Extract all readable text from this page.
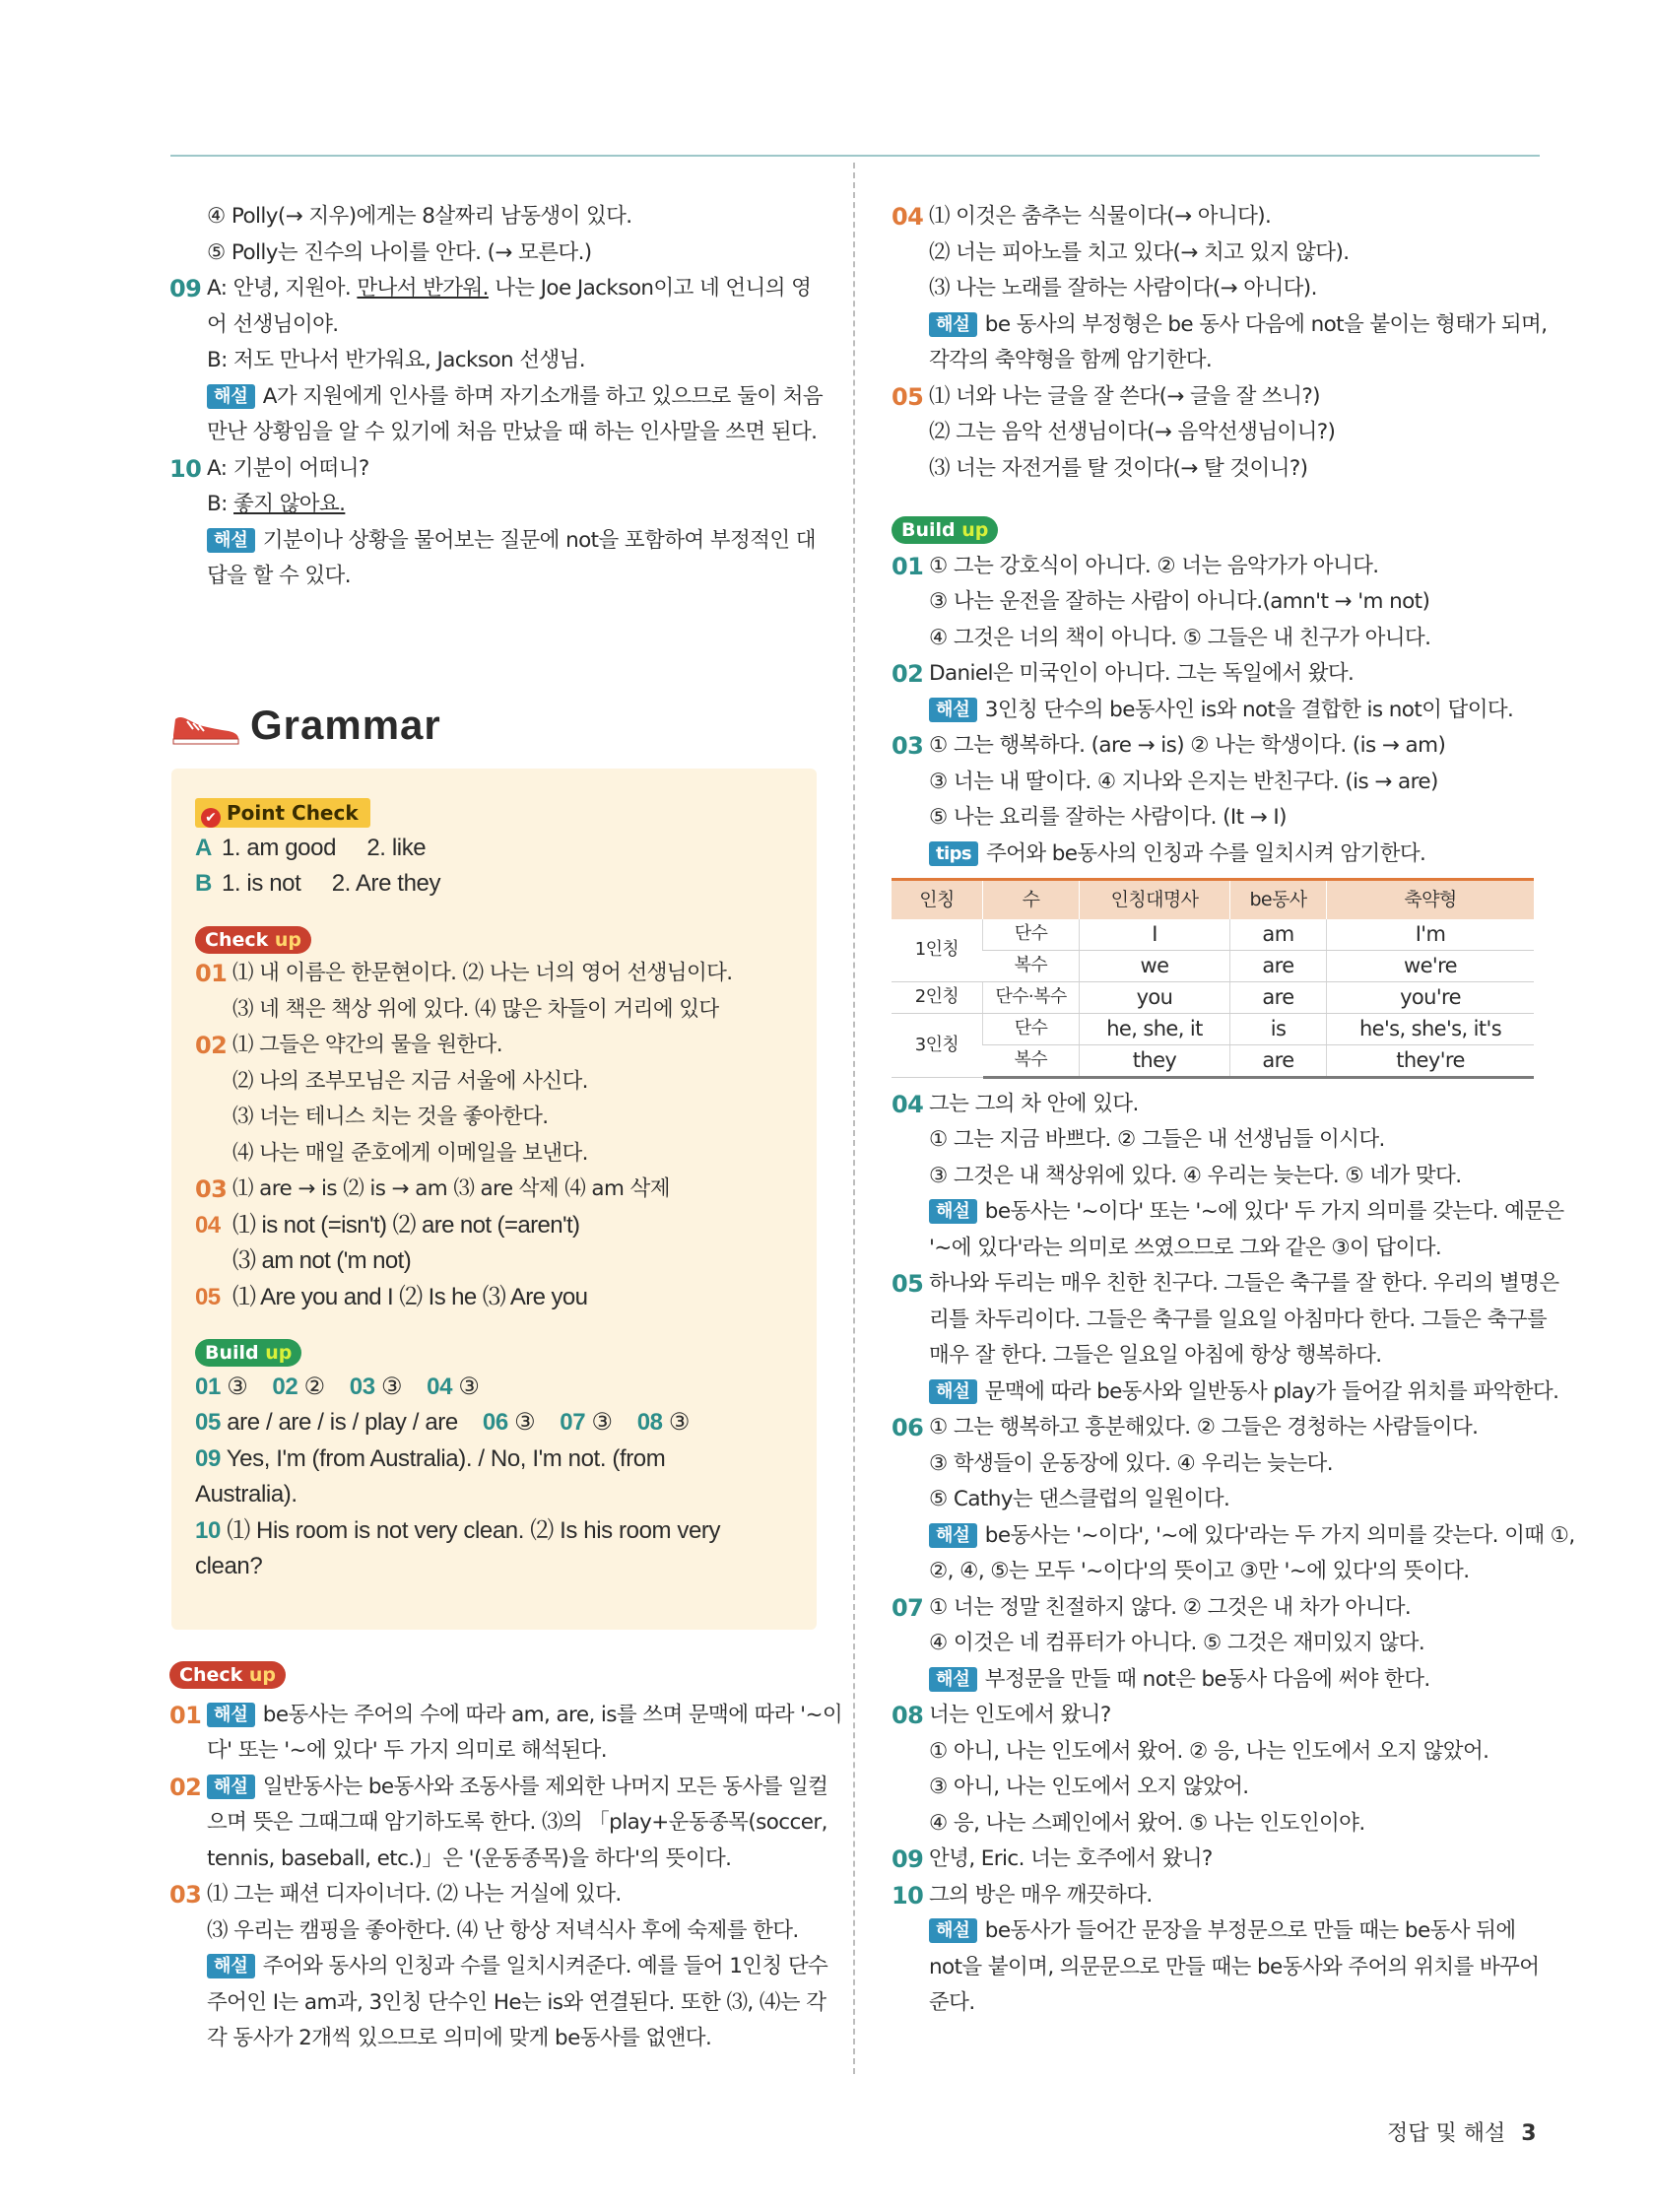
④ Polly(→ 지우)에게는 8살짜리 남동생이 있다.
⑤ Polly는 진수의 나이를 안다. (→ 모른다.)
09 A: 안녕, 지원아. 만나서 반가워. 나는 Joe Jackson이고 네 언니의 영
어 선생님이야.
B: 저도 만나서 반가워요, Jackson 선생님.
해설 A가 지원에게 인사를 하며 자기소개를 하고 있으므로 둘이 처음
만난 상황임을 알 수 있기에 처음 만났을 때 하는 인사말을 쓰면 된다.
10 A: 기분이 어떠니?
B: 좋지 않아요.
해설 기분이나 상황을 물어보는 질문에 not을 포함하여 부정적인 대
답을 할 수 있다.
Grammar
✔ Point Check
A 1. am good     2. like
B 1. is not     2. Are they
Check up
01 ⑴ 내 이름은 한문현이다. ⑵ 나는 너의 영어 선생님이다.
⑶ 네 책은 책상 위에 있다. ⑷ 많은 차들이 거리에 있다
02 ⑴ 그들은 약간의 물을 원한다.
⑵ 나의 조부모님은 지금 서울에 사신다.
⑶ 너는 테니스 치는 것을 좋아한다.
⑷ 나는 매일 준호에게 이메일을 보낸다.
03 ⑴ are → is ⑵ is → am ⑶ are 삭제 ⑷ am 삭제
04 ⑴ is not (=isn't) ⑵ are not (=aren't)
⑶ am not ('m not)
05 ⑴ Are you and I ⑵ Is he ⑶ Are you
Build up
01 ③ 02 ② 03 ③ 04 ③
05 are / are / is / play / are 06 ③ 07 ③ 08 ③
09 Yes, I'm (from Australia). / No, I'm not. (from
Australia).
10 ⑴ His room is not very clean. ⑵ Is his room very
clean?
Check up
01 해설 be동사는 주어의 수에 따라 am, are, is를 쓰며 문맥에 따라 '~이
다' 또는 '~에 있다' 두 가지 의미로 해석된다.
02 해설 일반동사는 be동사와 조동사를 제외한 나머지 모든 동사를 일컬
으며 뜻은 그때그때 암기하도록 한다. ⑶의 「play+운동종목(soccer,
tennis, baseball, etc.)」은 '(운동종목)을 하다'의 뜻이다.
03 ⑴ 그는 패션 디자이너다. ⑵ 나는 거실에 있다.
⑶ 우리는 캠핑을 좋아한다. ⑷ 난 항상 저녁식사 후에 숙제를 한다.
해설 주어와 동사의 인칭과 수를 일치시켜준다. 예를 들어 1인칭 단수
주어인 I는 am과, 3인칭 단수인 He는 is와 연결된다. 또한 ⑶, ⑷는 각
각 동사가 2개씩 있으므로 의미에 맞게 be동사를 없앤다.
04 ⑴ 이것은 춤추는 식물이다(→ 아니다).
⑵ 너는 피아노를 치고 있다(→ 치고 있지 않다).
⑶ 나는 노래를 잘하는 사람이다(→ 아니다).
해설 be 동사의 부정형은 be 동사 다음에 not을 붙이는 형태가 되며,
각각의 축약형을 함께 암기한다.
05 ⑴ 너와 나는 글을 잘 쓴다(→ 글을 잘 쓰니?)
⑵ 그는 음악 선생님이다(→ 음악선생님이니?)
⑶ 너는 자전거를 탈 것이다(→ 탈 것이니?)
Build up
01 ① 그는 강호식이 아니다. ② 너는 음악가가 아니다.
③ 나는 운전을 잘하는 사람이 아니다.(amn't → 'm not)
④ 그것은 너의 책이 아니다. ⑤ 그들은 내 친구가 아니다.
02 Daniel은 미국인이 아니다. 그는 독일에서 왔다.
해설 3인칭 단수의 be동사인 is와 not을 결합한 is not이 답이다.
03 ① 그는 행복하다. (are → is) ② 나는 학생이다. (is → am)
③ 너는 내 딸이다. ④ 지나와 은지는 반친구다. (is → are)
⑤ 나는 요리를 잘하는 사람이다. (It → I)
tips 주어와 be동사의 인칭과 수를 일치시켜 암기한다.
인칭	수	인칭대명사	be동사	축약형
1인칭	단수	I	am	I'm
	복수	we	are	we're
2인칭	단수·복수	you	are	you're
3인칭	단수	he, she, it	is	he's, she's, it's
	복수	they	are	they're
04 그는 그의 차 안에 있다.
① 그는 지금 바쁘다. ② 그들은 내 선생님들 이시다.
③ 그것은 내 책상위에 있다. ④ 우리는 늦는다. ⑤ 네가 맞다.
해설 be동사는 '~이다' 또는 '~에 있다' 두 가지 의미를 갖는다. 예문은
'~에 있다'라는 의미로 쓰였으므로 그와 같은 ③이 답이다.
05 하나와 두리는 매우 친한 친구다. 그들은 축구를 잘 한다. 우리의 별명은
리틀 차두리이다. 그들은 축구를 일요일 아침마다 한다. 그들은 축구를
매우 잘 한다. 그들은 일요일 아침에 항상 행복하다.
해설 문맥에 따라 be동사와 일반동사 play가 들어갈 위치를 파악한다.
06 ① 그는 행복하고 흥분해있다. ② 그들은 경청하는 사람들이다.
③ 학생들이 운동장에 있다. ④ 우리는 늦는다.
⑤ Cathy는 댄스클럽의 일원이다.
해설 be동사는 '~이다', '~에 있다'라는 두 가지 의미를 갖는다. 이때 ①,
②, ④, ⑤는 모두 '~이다'의 뜻이고 ③만 '~에 있다'의 뜻이다.
07 ① 너는 정말 친절하지 않다. ② 그것은 내 차가 아니다.
④ 이것은 네 컴퓨터가 아니다. ⑤ 그것은 재미있지 않다.
해설 부정문을 만들 때 not은 be동사 다음에 써야 한다.
08 너는 인도에서 왔니?
① 아니, 나는 인도에서 왔어. ② 응, 나는 인도에서 오지 않았어.
③ 아니, 나는 인도에서 오지 않았어.
④ 응, 나는 스페인에서 왔어. ⑤ 나는 인도인이야.
09 안녕, Eric. 너는 호주에서 왔니?
10 그의 방은 매우 깨끗하다.
해설 be동사가 들어간 문장을 부정문으로 만들 때는 be동사 뒤에
not을 붙이며, 의문문으로 만들 때는 be동사와 주어의 위치를 바꾸어
준다.
정답 및 해설 3
